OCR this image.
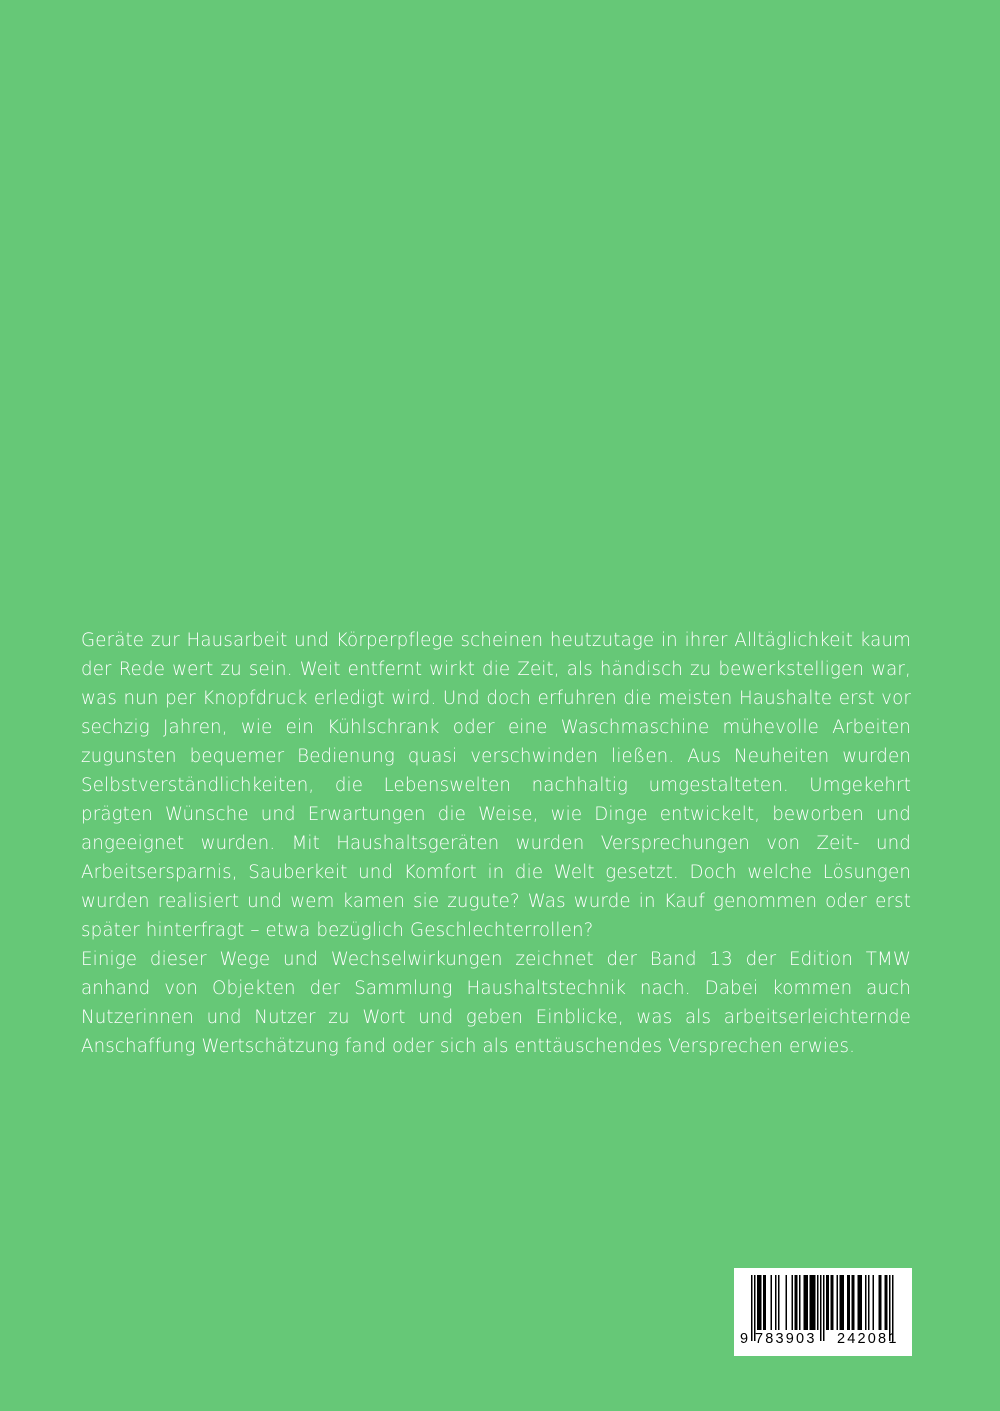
Geräte zur Hausarbeit und Körperpflege scheinen heutzutage in ihrer Alltäglichkeit kaum der Rede wert zu sein. Weit entfernt wirkt die Zeit, als händisch zu bewerkstelligen war, was nun per Knopfdruck erledigt wird. Und doch erfuhren die meisten Haushalte erst vor sechzig Jahren, wie ein Kühlschrank oder eine Waschmaschine mühevolle Arbeiten zugunsten bequemer Bedienung quasi verschwinden ließen. Aus Neuheiten wurden Selbstverständlichkeiten, die Lebenswelten nachhaltig umgestalteten. Umgekehrt prägten Wünsche und Erwartungen die Weise, wie Dinge entwickelt, beworben und angeeignet wurden. Mit Haushaltsgeräten wurden Versprechungen von Zeit- und Arbeitsersparnis, Sauberkeit und Komfort in die Welt gesetzt. Doch welche Lösungen wurden realisiert und wem kamen sie zugute? Was wurde in Kauf genommen oder erst später hinterfragt – etwa bezüglich Geschlechterrollen?

Einige dieser Wege und Wechselwirkungen zeichnet der Band 13 der Edition TMW anhand von Objekten der Sammlung Haushaltstechnik nach. Dabei kommen auch Nutzerinnen und Nutzer zu Wort und geben Einblicke, was als arbeitserleichternde Anschaffung Wertschätzung fand oder sich als enttäuschendes Versprechen erwies.

9 783903 242081
